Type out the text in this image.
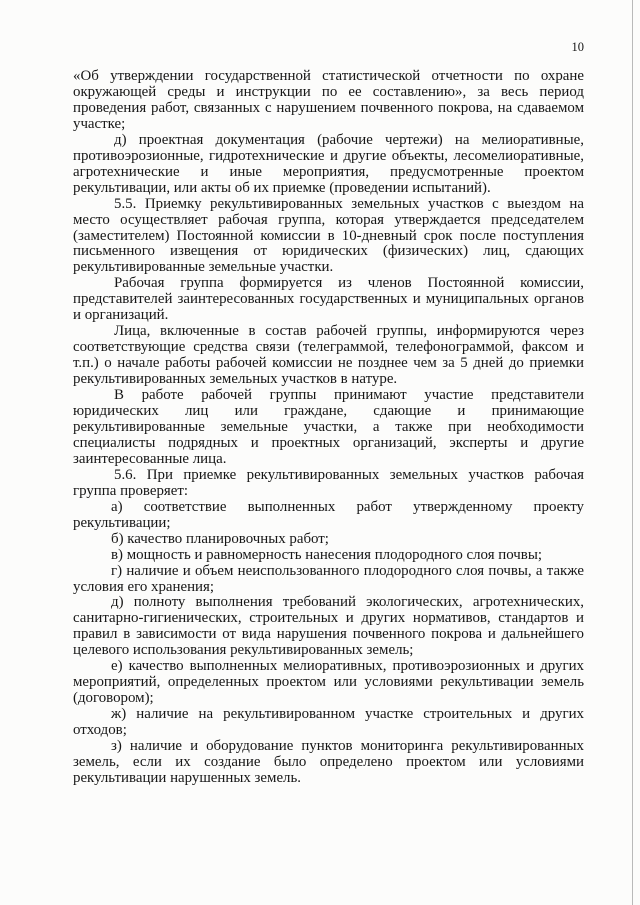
10

«Об утверждении государственной статистической отчетности по охране окружающей среды и инструкции по ее составлению», за весь период проведения работ, связанных с нарушением почвенного покрова, на сдаваемом участке;

д) проектная документация (рабочие чертежи) на мелиоративные, противоэрозионные, гидротехнические и другие объекты, лесомелиоративные, агротехнические и иные мероприятия, предусмотренные проектом рекультивации, или акты об их приемке (проведении испытаний).

5.5. Приемку рекультивированных земельных участков с выездом на место осуществляет рабочая группа, которая утверждается председателем (заместителем) Постоянной комиссии в 10-дневный срок после поступления письменного извещения от юридических (физических) лиц, сдающих рекультивированные земельные участки.

Рабочая группа формируется из членов Постоянной комиссии, представителей заинтересованных государственных и муниципальных органов и организаций.

Лица, включенные в состав рабочей группы, информируются через соответствующие средства связи (телеграммой, телефонограммой, факсом и т.п.) о начале работы рабочей комиссии не позднее чем за 5 дней до приемки рекультивированных земельных участков в натуре.

В работе рабочей группы принимают участие представители юридических лиц или граждане, сдающие и принимающие рекультивированные земельные участки, а также при необходимости специалисты подрядных и проектных организаций, эксперты и другие заинтересованные лица.

5.6. При приемке рекультивированных земельных участков рабочая группа проверяет:

а) соответствие выполненных работ утвержденному проекту рекультивации;

б) качество планировочных работ;

в) мощность и равномерность нанесения плодородного слоя почвы;

г) наличие и объем неиспользованного плодородного слоя почвы, а также условия его хранения;

д) полноту выполнения требований экологических, агротехнических, санитарно-гигиенических, строительных и других нормативов, стандартов и правил в зависимости от вида нарушения почвенного покрова и дальнейшего целевого использования рекультивированных земель;

е) качество выполненных мелиоративных, противоэрозионных и других мероприятий, определенных проектом или условиями рекультивации земель (договором);

ж) наличие на рекультивированном участке строительных и других отходов;

з) наличие и оборудование пунктов мониторинга рекультивированных земель, если их создание было определено проектом или условиями рекультивации нарушенных земель.
